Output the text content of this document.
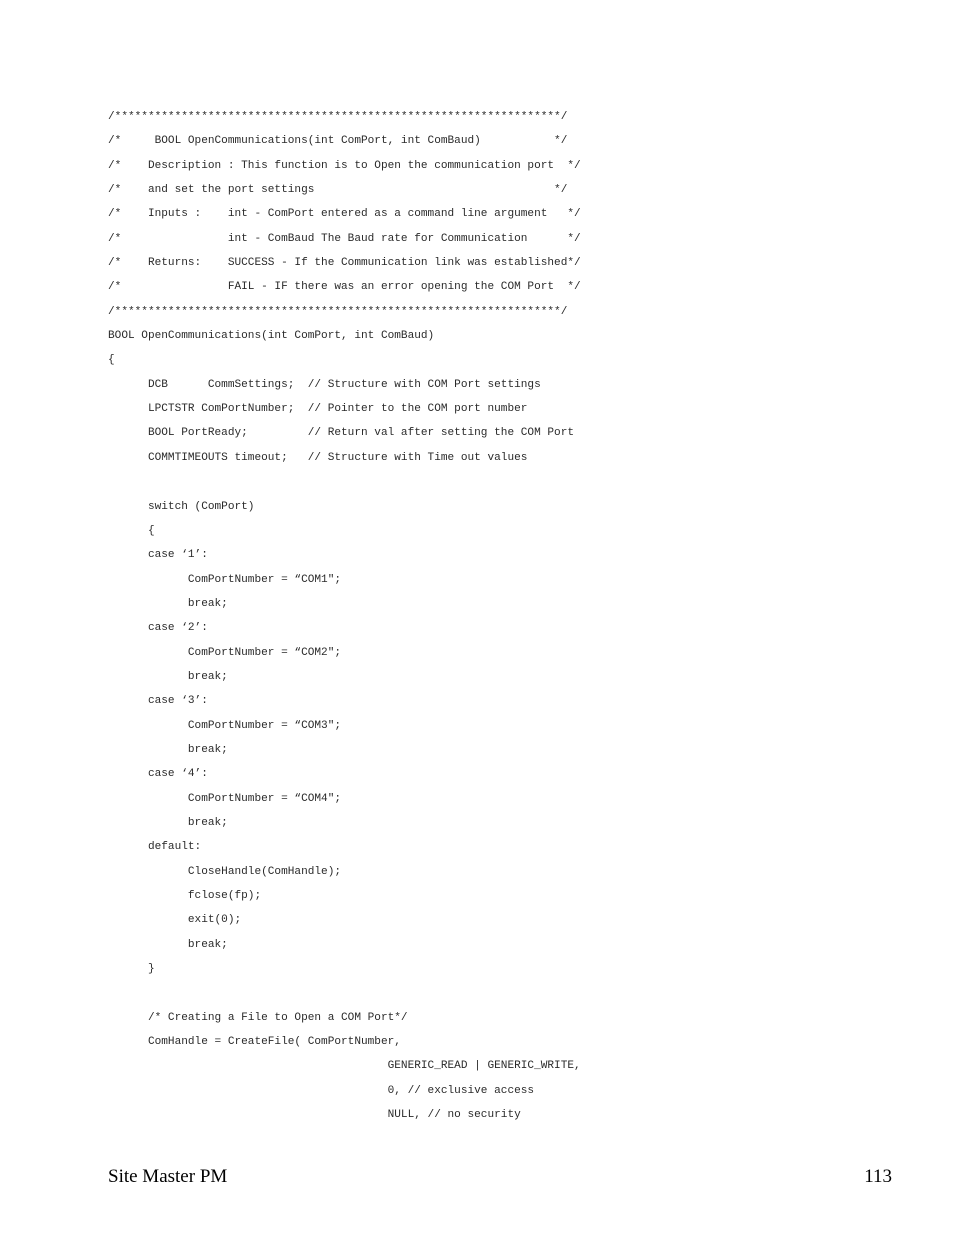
/*******************************************************************/
/*     BOOL OpenCommunications(int ComPort, int ComBaud)           */
/*    Description : This function is to Open the communication port  */
/*    and set the port settings                                    */
/*    Inputs :    int - ComPort entered as a command line argument   */
/*                int - ComBaud The Baud rate for Communication      */
/*    Returns:    SUCCESS - If the Communication link was established*/
/*                FAIL - IF there was an error opening the COM Port  */
/*******************************************************************/
BOOL OpenCommunications(int ComPort, int ComBaud)
{
DCB      CommSettings;  // Structure with COM Port settings
LPCTSTR ComPortNumber;  // Pointer to the COM port number
BOOL PortReady;         // Return val after setting the COM Port
COMMTIMEOUTS timeout;   // Structure with Time out values
switch (ComPort)
{
case ‘1’:
ComPortNumber = “COM1";
break;
case ‘2’:
ComPortNumber = “COM2";
break;
case ‘3’:
ComPortNumber = “COM3";
break;
case ‘4’:
ComPortNumber = “COM4";
break;
default:
CloseHandle(ComHandle);
fclose(fp);
exit(0);
break;
}
/* Creating a File to Open a COM Port*/
ComHandle = CreateFile( ComPortNumber,
GENERIC_READ | GENERIC_WRITE,
0, // exclusive access
NULL, // no security
Site Master PM	113
